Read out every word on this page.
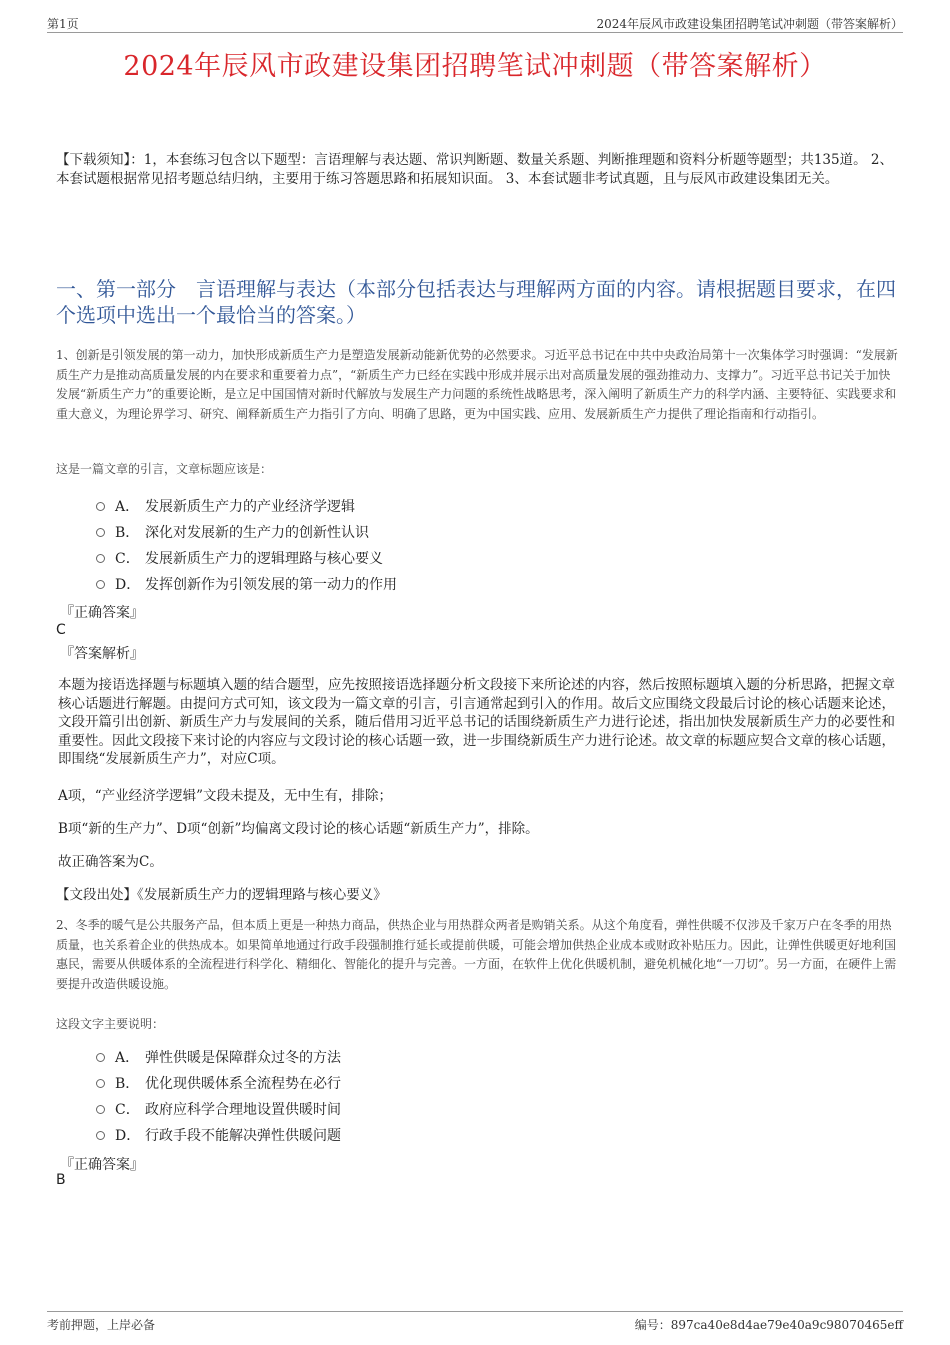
第1页	2024年辰风市政建设集团招聘笔试冲刺题（带答案解析）
2024年辰风市政建设集团招聘笔试冲刺题（带答案解析）
【下载须知】：1，本套练习包含以下题型：言语理解与表达题、常识判断题、数量关系题、判断推理题和资料分析题等题型；共135道。 2、本套试题根据常见招考题总结归纳，主要用于练习答题思路和拓展知识面。 3、本套试题非考试真题，且与辰风市政建设集团无关。
一、第一部分　言语理解与表达（本部分包括表达与理解两方面的内容。请根据题目要求，在四个选项中选出一个最恰当的答案。）
1、创新是引领发展的第一动力，加快形成新质生产力是塑造发展新动能新优势的必然要求。习近平总书记在中共中央政治局第十一次集体学习时强调：“发展新质生产力是推动高质量发展的内在要求和重要着力点”，“新质生产力已经在实践中形成并展示出对高质量发展的强劲推动力、支撑力”。习近平总书记关于加快发展“新质生产力”的重要论断，是立足中国国情对新时代解放与发展生产力问题的系统性战略思考，深入阐明了新质生产力的科学内涵、主要特征、实践要求和重大意义，为理论界学习、研究、阐释新质生产力指引了方向、明确了思路，更为中国实践、应用、发展新质生产力提供了理论指南和行动指引。
这是一篇文章的引言，文章标题应该是：
A． 发展新质生产力的产业经济学逻辑
B． 深化对发展新的生产力的创新性认识
C． 发展新质生产力的逻辑理路与核心要义
D． 发挥创新作为引领发展的第一动力的作用
『正确答案』
C
『答案解析』
本题为接语选择题与标题填入题的结合题型，应先按照接语选择题分析文段接下来所论述的内容，然后按照标题填入题的分析思路，把握文章核心话题进行解题。由提问方式可知，该文段为一篇文章的引言，引言通常起到引入的作用。故后文应围绕文段最后讨论的核心话题来论述，文段开篇引出创新、新质生产力与发展间的关系，随后借用习近平总书记的话围绕新质生产力进行论述，指出加快发展新质生产力的必要性和重要性。因此文段接下来讨论的内容应与文段讨论的核心话题一致，进一步围绕新质生产力进行论述。故文章的标题应契合文章的核心话题，即围绕“发展新质生产力”，对应C项。
A项，“产业经济学逻辑”文段未提及，无中生有，排除；
B项“新的生产力”、D项“创新”均偏离文段讨论的核心话题“新质生产力”，排除。
故正确答案为C。
【文段出处】《发展新质生产力的逻辑理路与核心要义》
2、冬季的暖气是公共服务产品，但本质上更是一种热力商品，供热企业与用热群众两者是购销关系。从这个角度看，弹性供暖不仅涉及千家万户在冬季的用热质量，也关系着企业的供热成本。如果简单地通过行政手段强制推行延长或提前供暖，可能会增加供热企业成本或财政补贴压力。因此，让弹性供暖更好地利国惠民，需要从供暖体系的全流程进行科学化、精细化、智能化的提升与完善。一方面，在软件上优化供暖机制，避免机械化地“一刀切”。另一方面，在硬件上需要提升改造供暖设施。
这段文字主要说明：
A． 弹性供暖是保障群众过冬的方法
B． 优化现供暖体系全流程势在必行
C． 政府应科学合理地设置供暖时间
D． 行政手段不能解决弹性供暖问题
『正确答案』
B
考前押题，上岸必备	编号：897ca40e8d4ae79e40a9c98070465eff
